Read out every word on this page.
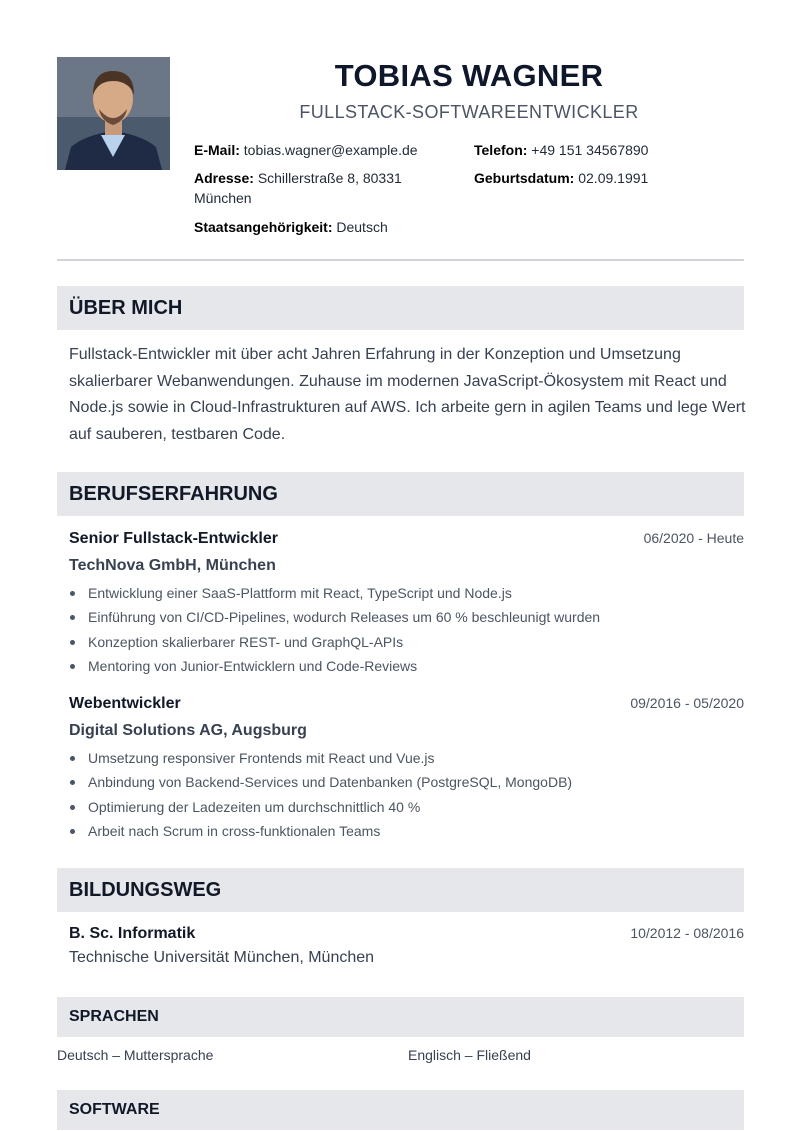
TOBIAS WAGNER
FULLSTACK-SOFTWAREENTWICKLER
E-Mail: tobias.wagner@example.de	Telefon: +49 151 34567890
Adresse: Schillerstraße 8, 80331 München
Geburtsdatum: 02.09.1991
Staatsangehörigkeit: Deutsch
ÜBER MICH
Fullstack-Entwickler mit über acht Jahren Erfahrung in der Konzeption und Umsetzung skalierbarer Webanwendungen. Zuhause im modernen JavaScript-Ökosystem mit React und Node.js sowie in Cloud-Infrastrukturen auf AWS. Ich arbeite gern in agilen Teams und lege Wert auf sauberen, testbaren Code.
BERUFSERFAHRUNG
Senior Fullstack-Entwickler	06/2020 - Heute
TechNova GmbH, München
Entwicklung einer SaaS-Plattform mit React, TypeScript und Node.js
Einführung von CI/CD-Pipelines, wodurch Releases um 60 % beschleunigt wurden
Konzeption skalierbarer REST- und GraphQL-APIs
Mentoring von Junior-Entwicklern und Code-Reviews
Webentwickler	09/2016 - 05/2020
Digital Solutions AG, Augsburg
Umsetzung responsiver Frontends mit React und Vue.js
Anbindung von Backend-Services und Datenbanken (PostgreSQL, MongoDB)
Optimierung der Ladezeiten um durchschnittlich 40 %
Arbeit nach Scrum in cross-funktionalen Teams
BILDUNGSWEG
B. Sc. Informatik	10/2012 - 08/2016
Technische Universität München, München
SPRACHEN
Deutsch – Muttersprache	Englisch – Fließend
SOFTWARE
